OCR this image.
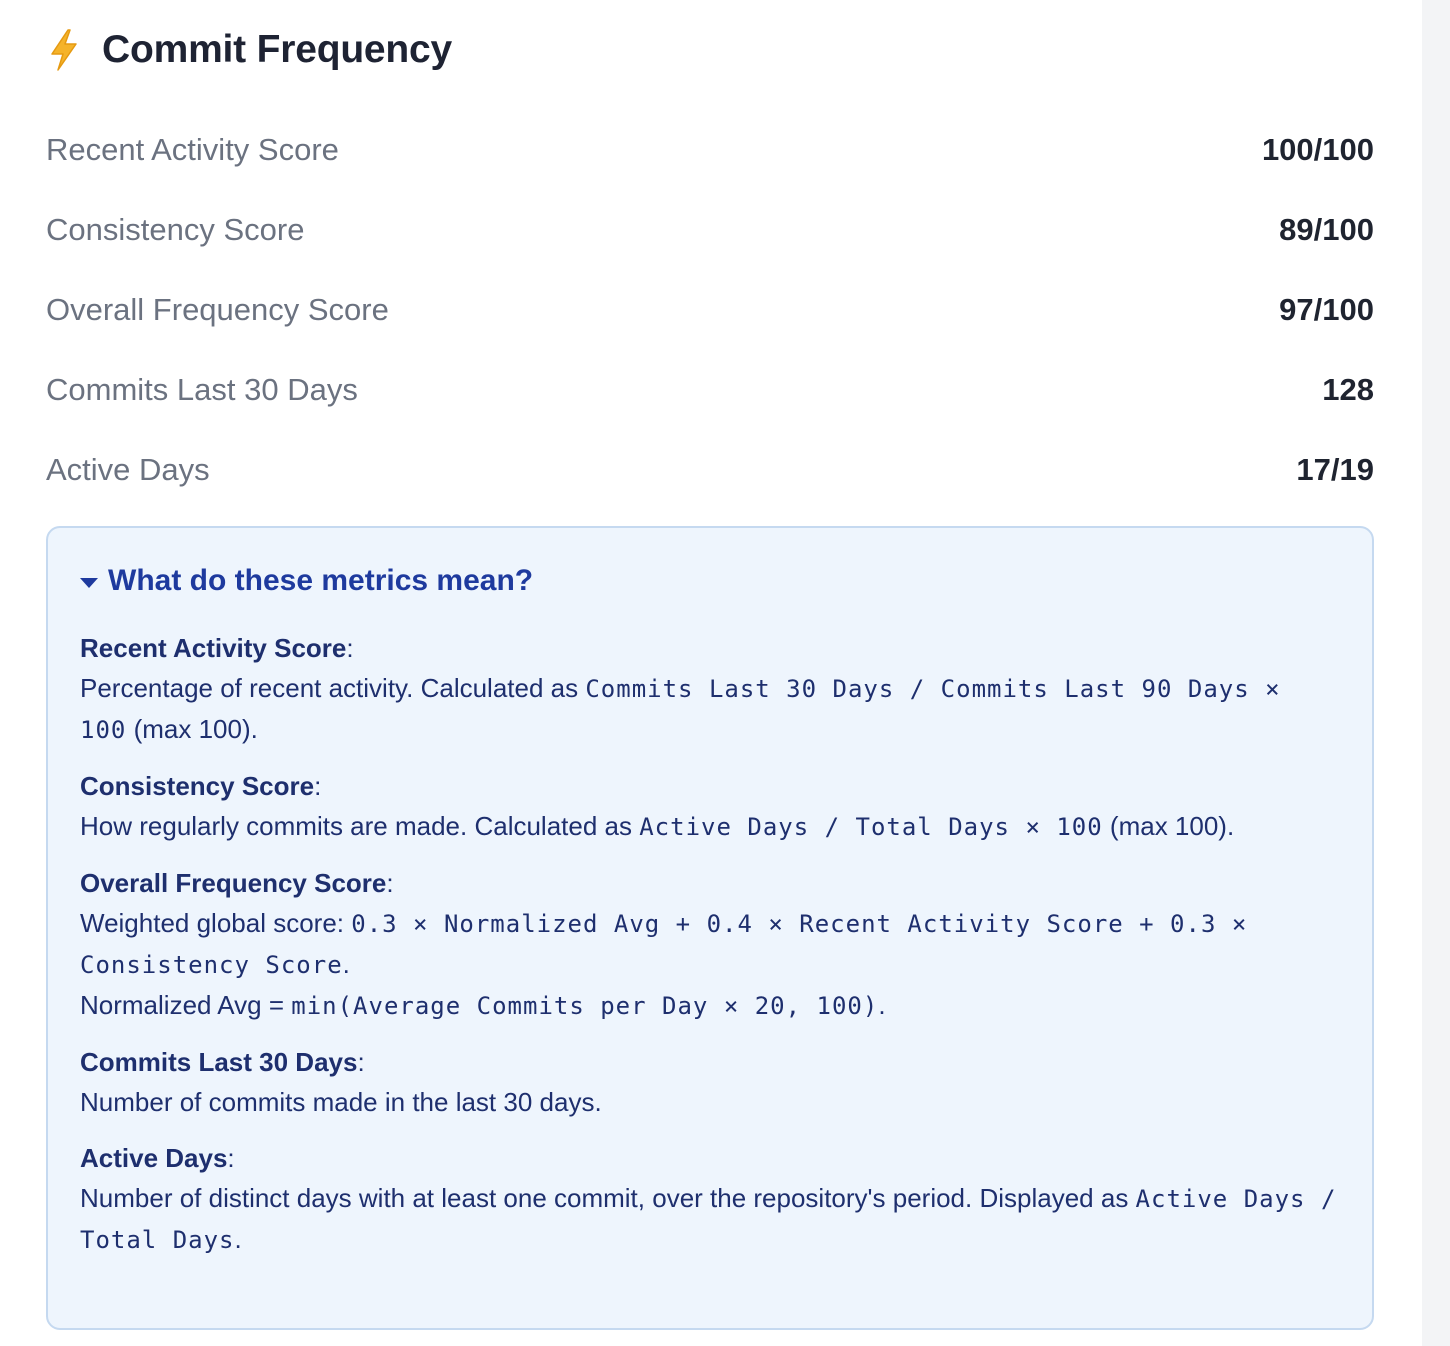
Commit Frequency
Recent Activity Score	100/100
Consistency Score	89/100
Overall Frequency Score	97/100
Commits Last 30 Days	128
Active Days	17/19
What do these metrics mean?
Recent Activity Score:
Percentage of recent activity. Calculated as Commits Last 30 Days / Commits Last 90 Days × 100 (max 100).
Consistency Score:
How regularly commits are made. Calculated as Active Days / Total Days × 100 (max 100).
Overall Frequency Score:
Weighted global score: 0.3 × Normalized Avg + 0.4 × Recent Activity Score + 0.3 × Consistency Score.
Normalized Avg = min(Average Commits per Day × 20, 100).
Commits Last 30 Days:
Number of commits made in the last 30 days.
Active Days:
Number of distinct days with at least one commit, over the repository's period. Displayed as Active Days / Total Days.
